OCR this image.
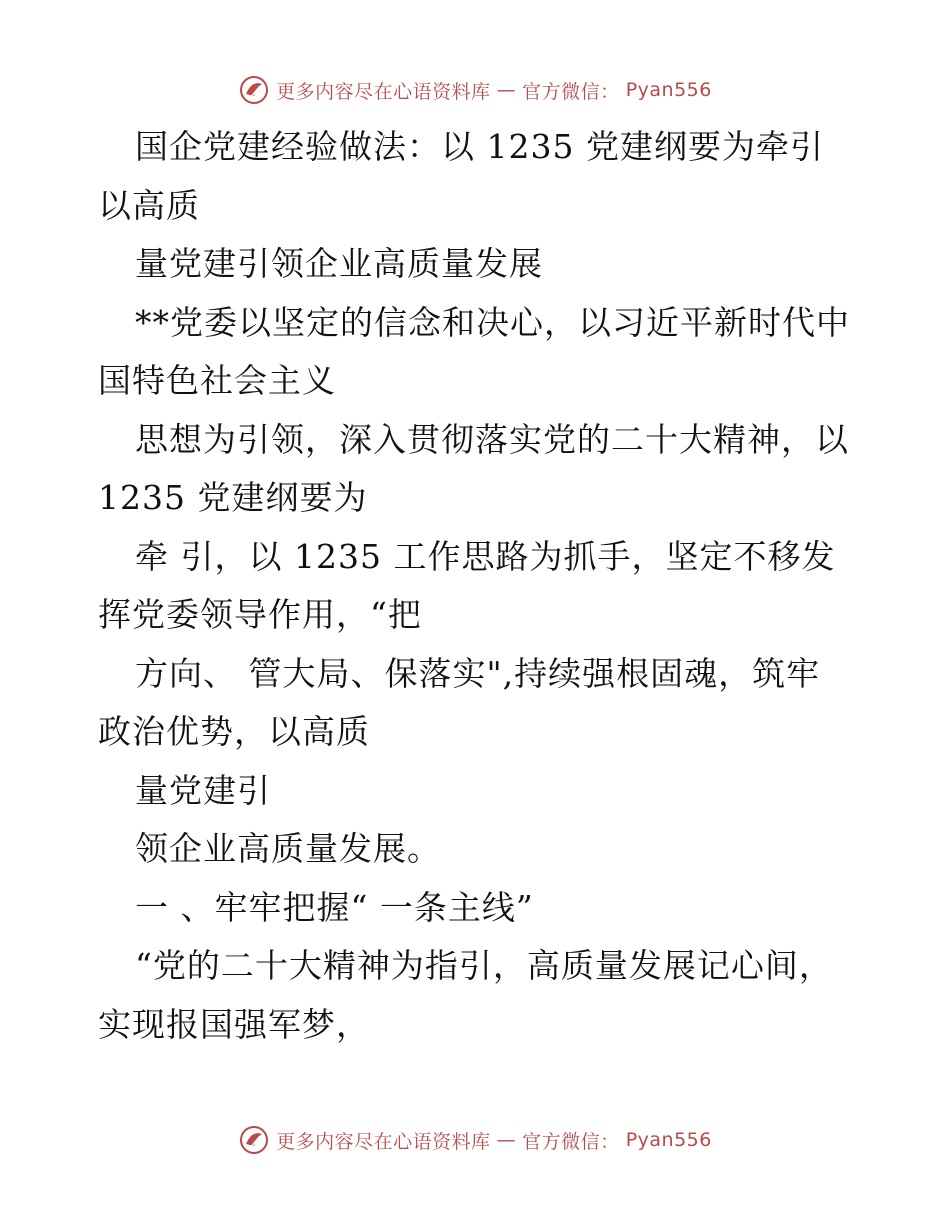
更多内容尽在心语资料库 — 官方微信： Pyan556
国企党建经验做法：以 1235 党建纲要为牵引
以高质
量党建引领企业高质量发展
**党委以坚定的信念和决心，以习近平新时代中
国特色社会主义
思想为引领，深入贯彻落实党的二十大精神，以
1235 党建纲要为
牵 引，以 1235 工作思路为抓手，坚定不移发
挥党委领导作用，“把
方向、 管大局、保落实",持续强根固魂，筑牢
政治优势，以高质
量党建引
领企业高质量发展。
一 、牢牢把握“ 一条主线”
“党的二十大精神为指引，高质量发展记心间，
实现报国强军梦，
更多内容尽在心语资料库 — 官方微信： Pyan556
